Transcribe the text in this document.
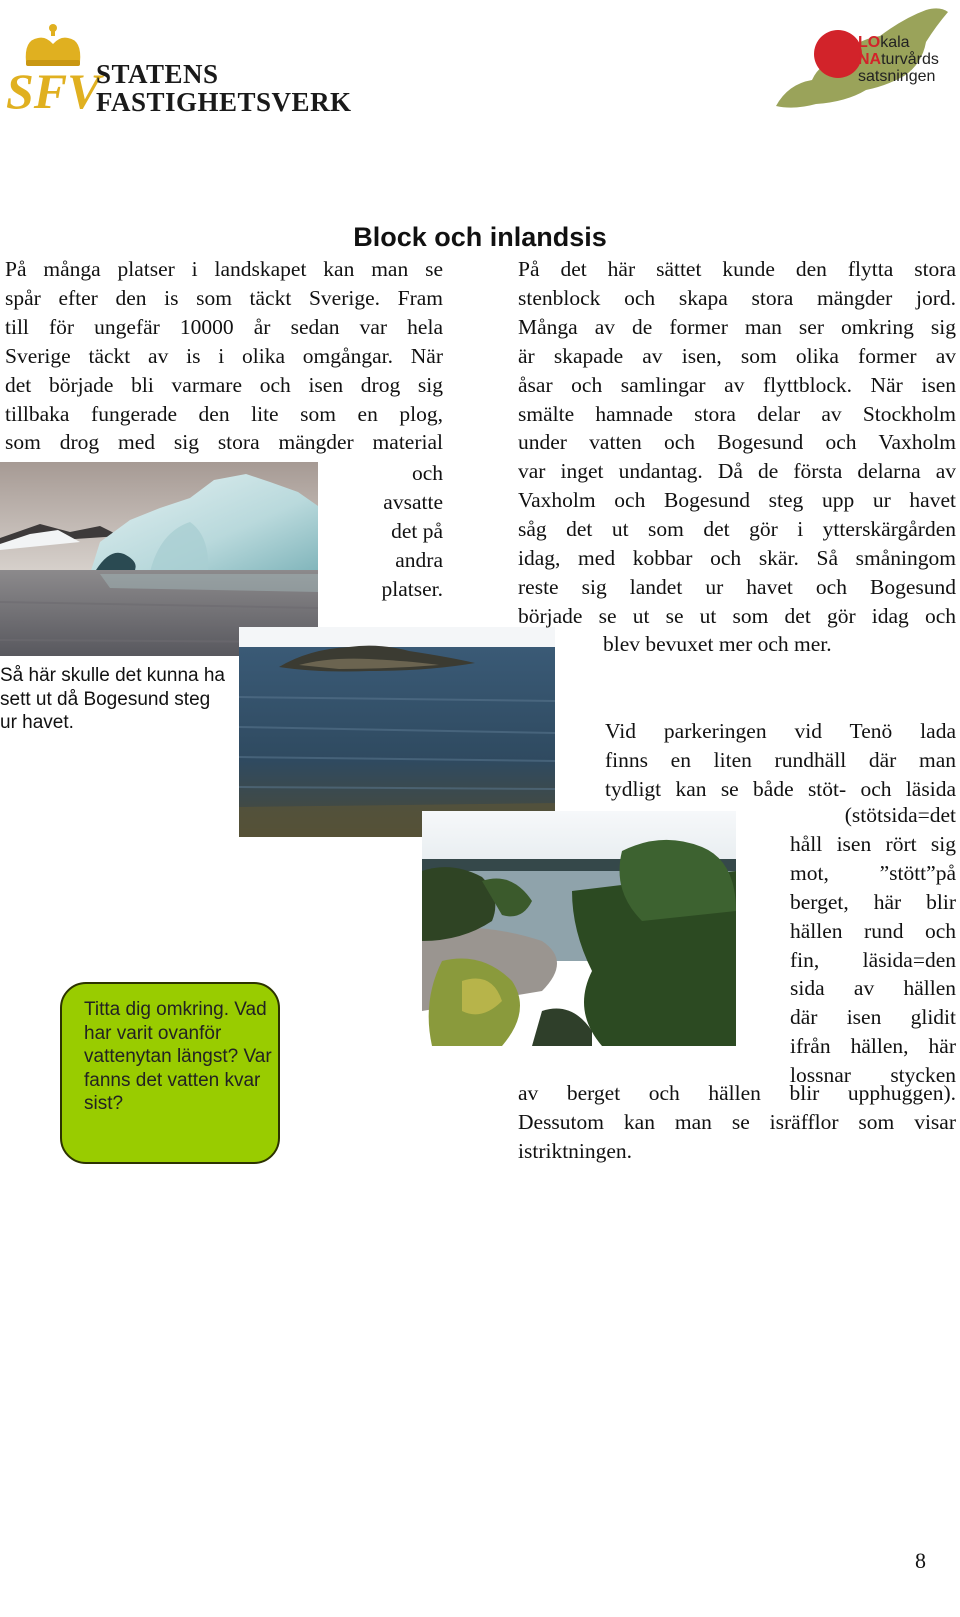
SFV
STATENS
FASTIGHETSVERK
LOkala
NAturvårds
satsningen
Block och inlandsis
På många platser i landskapet kan man se
spår efter den is som täckt Sverige. Fram
till för ungefär 10000 år sedan var hela
Sverige täckt av is i olika omgångar. När
det började bli varmare och isen drog sig
tillbaka fungerade den lite som en plog,
som drog med sig stora mängder material
och
avsatte
det på
andra
platser.
Så här skulle det kunna ha sett ut då Bogesund steg ur havet.
Titta dig omkring. Vad har varit ovanför vattenytan längst? Var fanns det vatten kvar sist?
På det här sättet kunde den flytta stora
stenblock och skapa stora mängder jord.
Många av de former man ser omkring sig
är skapade av isen, som olika former av
åsar och samlingar av flyttblock. När isen
smälte hamnade stora delar av Stockholm
under vatten och Bogesund och Vaxholm
var inget undantag. Då de första delarna av
Vaxholm och Bogesund steg upp ur havet
såg det ut som det gör i ytterskärgården
idag, med kobbar och skär. Så småningom
reste sig landet ur havet och Bogesund
började se ut se ut som det gör idag och
blev bevuxet mer och mer.
Vid parkeringen vid Tenö lada
finns en liten rundhäll där man
tydligt kan se både stöt- och läsida
(stötsida=det
håll isen rört sig
mot, ”stött”på
berget, här blir
hällen rund och
fin, läsida=den
sida av hällen
där isen glidit
ifrån hällen, här
lossnar stycken
av berget och hällen blir upphuggen).
Dessutom kan man se isräfflor som visar
istriktningen.
8
